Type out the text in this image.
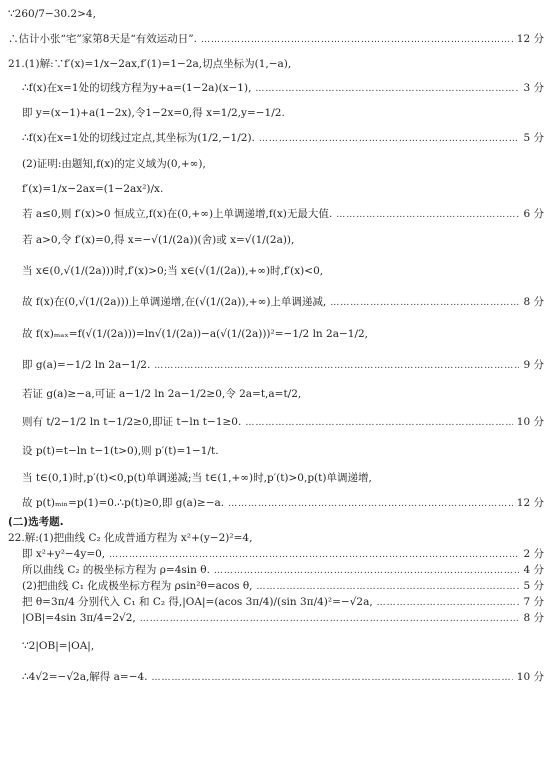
∵260/7−30.2>4,
∴估计小张“宅”家第8天是“有效运动日”. …………………………………………………………………………………………………………………………………………………………………………………………………………	12 分
21.(1)解:∵f′(x)=1/x−2ax,f′(1)=1−2a,切点坐标为(1,−a),
∴f(x)在x=1处的切线方程为y+a=(1−2a)(x−1), …………………………………………………………………………………………………………………………………………………………………………………………………………	3 分
即 y=(x−1)+a(1−2x),令1−2x=0,得 x=1/2,y=−1/2.
∴f(x)在x=1处的切线过定点,其坐标为(1/2,−1/2). …………………………………………………………………………………………………………………………………………………………………………………………………………	5 分
(2)证明:由题知,f(x)的定义域为(0,+∞),
f′(x)=1/x−2ax=(1−2ax²)/x.
若 a≤0,则 f′(x)>0 恒成立,f(x)在(0,+∞)上单调递增,f(x)无最大值. …………………………………………………………………………………………………………………………………………………………………………………………………………	6 分
若 a>0,令 f′(x)=0,得 x=−√(1/(2a))(舍)或 x=√(1/(2a)),
当 x∈(0,√(1/(2a)))时,f′(x)>0;当 x∈(√(1/(2a)),+∞)时,f′(x)<0,
故 f(x)在(0,√(1/(2a)))上单调递增,在(√(1/(2a)),+∞)上单调递减, …………………………………………………………………………………………………………………………………………………………………………………………………………	8 分
故 f(x)ₘₐₓ=f(√(1/(2a)))=ln√(1/(2a))−a(√(1/(2a)))²=−1/2 ln 2a−1/2,
即 g(a)=−1/2 ln 2a−1/2. …………………………………………………………………………………………………………………………………………………………………………………………………………	9 分
若证 g(a)≥−a,可证 a−1/2 ln 2a−1/2≥0,令 2a=t,a=t/2,
则有 t/2−1/2 ln t−1/2≥0,即证 t−ln t−1≥0. …………………………………………………………………………………………………………………………………………………………………………………………………………	10 分
设 p(t)=t−ln t−1(t>0),则 p′(t)=1−1/t.
当 t∈(0,1)时,p′(t)<0,p(t)单调递减;当 t∈(1,+∞)时,p′(t)>0,p(t)单调递增,
故 p(t)ₘᵢₙ=p(1)=0.∴p(t)≥0,即 g(a)≥−a. …………………………………………………………………………………………………………………………………………………………………………………………………………	12 分
(二)选考题.
22.解:(1)把曲线 C₂ 化成普通方程为 x²+(y−2)²=4,
即 x²+y²−4y=0, …………………………………………………………………………………………………………………………………………………………………………………………………………	2 分
所以曲线 C₂ 的极坐标方程为 ρ=4sin θ. …………………………………………………………………………………………………………………………………………………………………………………………………………	4 分
(2)把曲线 C₁ 化成极坐标方程为 ρsin²θ=acos θ, …………………………………………………………………………………………………………………………………………………………………………………………………………	5 分
把 θ=3π/4 分别代入 C₁ 和 C₂ 得,|OA|=(acos 3π/4)/(sin 3π/4)²=−√2a, …………………………………………………………………………………………………………………………………………………………………………………………………………	7 分
|OB|=4sin 3π/4=2√2, …………………………………………………………………………………………………………………………………………………………………………………………………………	8 分
∵2|OB|=|OA|,
∴4√2=−√2a,解得 a=−4. …………………………………………………………………………………………………………………………………………………………………………………………………………	10 分
